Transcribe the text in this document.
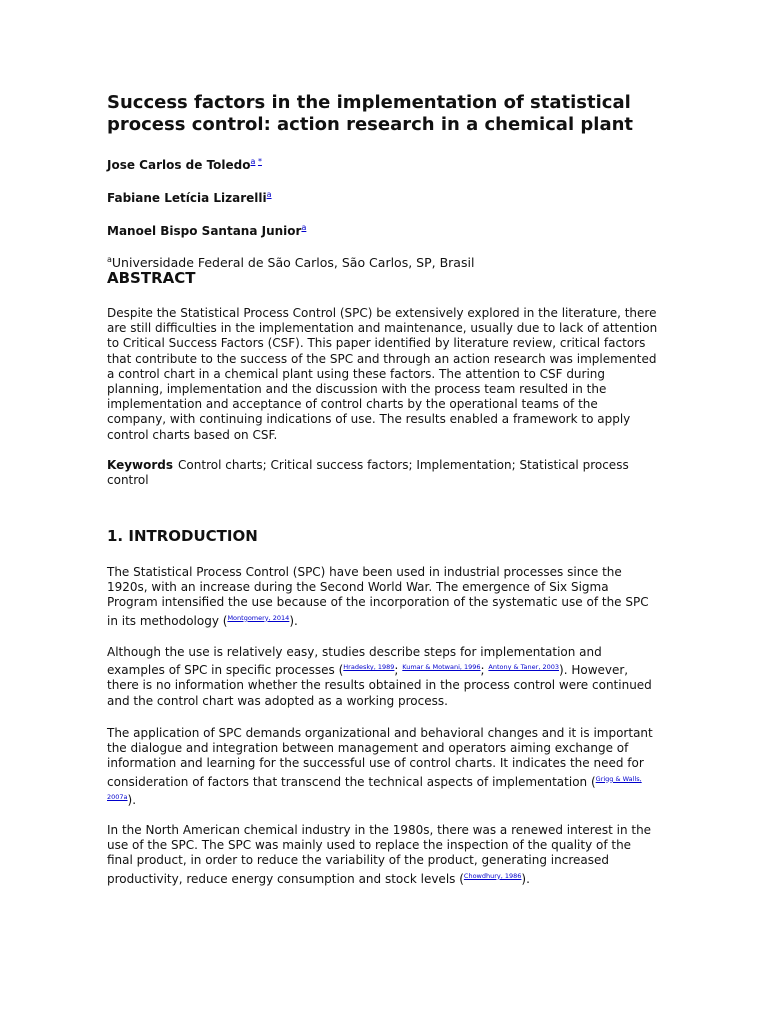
Success factors in the implementation of statistical process control: action research in a chemical plant

Jose Carlos de Toledo$^{a *}$

Fabiane Letícia Lizarelli$^a$

Manoel Bispo Santana Junior$^a$

$^a$Universidade Federal de São Carlos, São Carlos, SP, Brasil

ABSTRACT

Despite the Statistical Process Control (SPC) be extensively explored in the literature, there are still difficulties in the implementation and maintenance, usually due to lack of attention to Critical Success Factors (CSF). This paper identified by literature review, critical factors that contribute to the success of the SPC and through an action research was implemented a control chart in a chemical plant using these factors. The attention to CSF during planning, implementation and the discussion with the process team resulted in the implementation and acceptance of control charts by the operational teams of the company, with continuing indications of use. The results enabled a framework to apply control charts based on CSF.

Keywords Control charts; Critical success factors; Implementation; Statistical process control

1. INTRODUCTION

The Statistical Process Control (SPC) have been used in industrial processes since the 1920s, with an increase during the Second World War. The emergence of Six Sigma Program intensified the use because of the incorporation of the systematic use of the SPC in its methodology ($^{Montgomery, 2014}$).

Although the use is relatively easy, studies describe steps for implementation and examples of SPC in specific processes ($^{Hradesky, 1989}$; $^{Kumar \& Motwani, 1996}$; $^{Antony \& Taner, 2003}$). However, there is no information whether the results obtained in the process control were continued and the control chart was adopted as a working process.

The application of SPC demands organizational and behavioral changes and it is important the dialogue and integration between management and operators aiming exchange of information and learning for the successful use of control charts. It indicates the need for consideration of factors that transcend the technical aspects of implementation ($^{Grigg \& Walls, 2007a}$).

In the North American chemical industry in the 1980s, there was a renewed interest in the use of the SPC. The SPC was mainly used to replace the inspection of the quality of the final product, in order to reduce the variability of the product, generating increased productivity, reduce energy consumption and stock levels ($^{Chowdhury, 1986}$).
